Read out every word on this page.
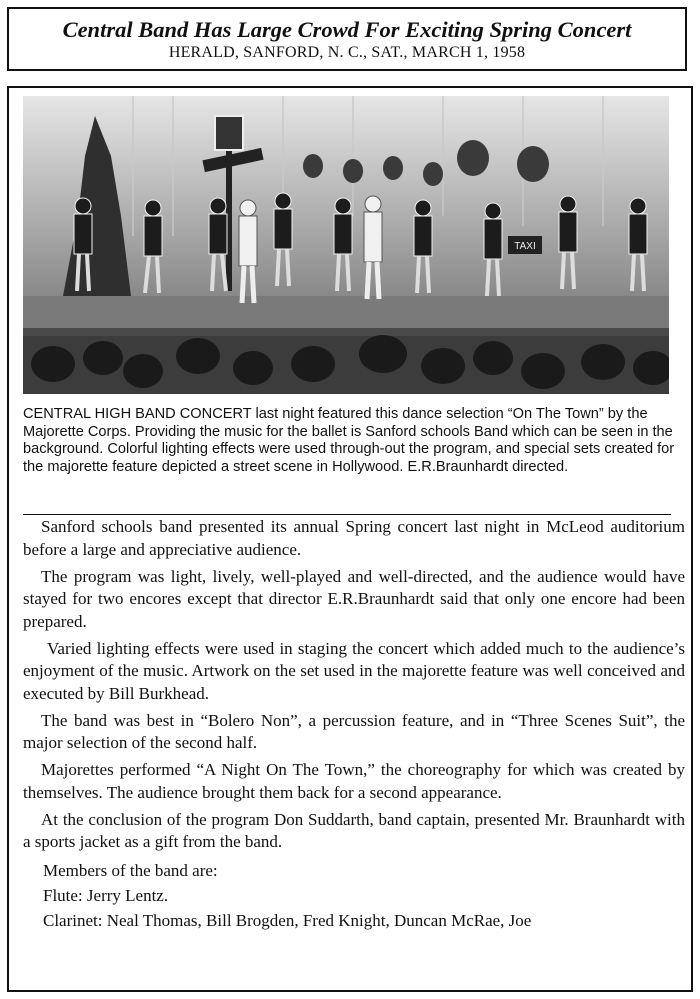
Central Band Has Large Crowd For Exciting Spring Concert
HERALD, SANFORD, N. C., SAT., MARCH 1, 1958
TAXI
CENTRAL HIGH BAND CONCERT last night featured this dance selection “On The Town” by the Majorette Corps. Providing the music for the ballet is Sanford schools Band which can be seen in the background. Colorful lighting effects were used through-out the program, and special sets created for the majorette feature depicted a street scene in Hollywood. E.R.Braunhardt directed.

Sanford schools band presented its annual Spring concert last night in McLeod auditorium before a large and appreciative audience.

The program was light, lively, well-played and well-directed, and the audience would have stayed for two encores except that director E.R.Braunhardt said that only one encore had been prepared.

Varied lighting effects were used in staging the concert which added much to the audience’s enjoyment of the music. Artwork on the set used in the majorette feature was well conceived and executed by Bill Burkhead.

The band was best in “Bolero Non”, a percussion feature, and in “Three Scenes Suit”, the major selection of the second half.

Majorettes performed “A Night On The Town,” the choreography for which was created by themselves. The audience brought them back for a second appearance.

At the conclusion of the program Don Suddarth, band captain, presented Mr. Braunhardt with a sports jacket as a gift from the band.

Members of the band are:

Flute: Jerry Lentz.

Clarinet: Neal Thomas, Bill Brogden, Fred Knight, Duncan McRae, Joe
